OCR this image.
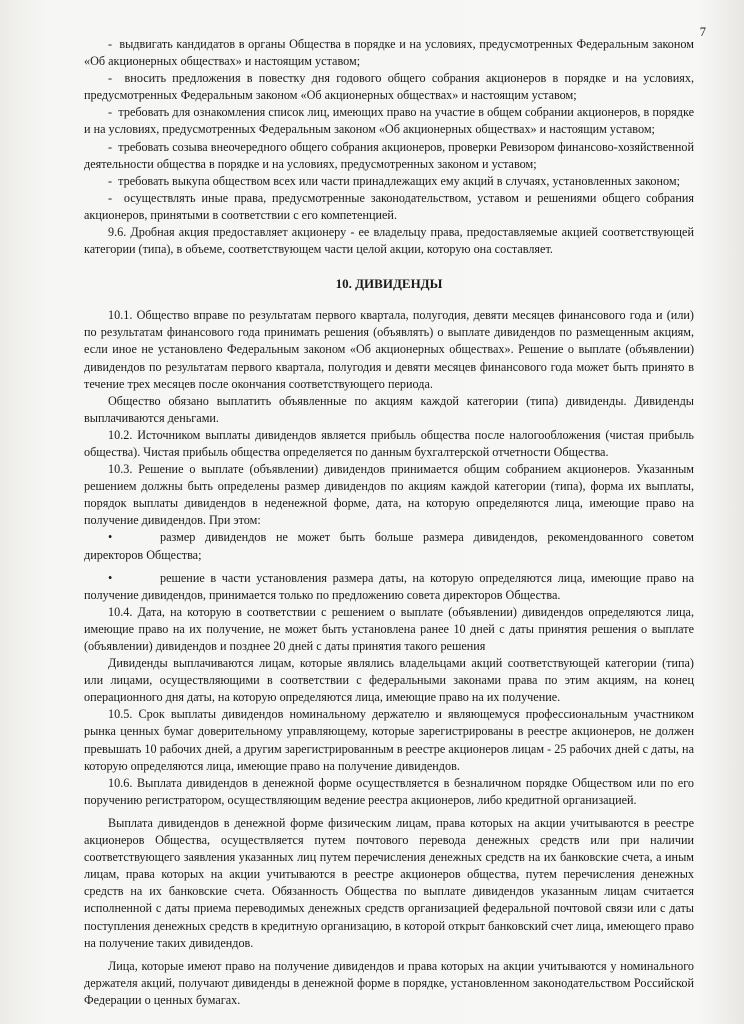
7

-  выдвигать кандидатов в органы Общества в порядке и на условиях, предусмотренных Федеральным законом «Об акционерных обществах» и настоящим уставом;

-  вносить предложения в повестку дня годового общего собрания акционеров в порядке и на условиях, предусмотренных Федеральным законом «Об акционерных обществах» и настоящим уставом;

-  требовать для ознакомления список лиц, имеющих право на участие в общем собрании акционеров, в порядке и на условиях, предусмотренных Федеральным законом «Об акционерных обществах» и настоящим уставом;

-  требовать созыва внеочередного общего собрания акционеров, проверки Ревизором финансово-хозяйственной деятельности общества в порядке и на условиях, предусмотренных законом и уставом;

-  требовать выкупа обществом всех или части принадлежащих ему акций в случаях, установленных законом;

-  осуществлять иные права, предусмотренные законодательством, уставом и решениями общего собрания акционеров, принятыми в соответствии с его компетенцией.

9.6. Дробная акция предоставляет акционеру - ее владельцу права, предоставляемые акцией соответствующей категории (типа), в объеме, соответствующем части целой акции, которую она составляет.

10. ДИВИДЕНДЫ

10.1. Общество вправе по результатам первого квартала, полугодия, девяти месяцев финансового года и (или) по результатам финансового года принимать решения (объявлять) о выплате дивидендов по размещенным акциям, если иное не установлено Федеральным законом «Об акционерных обществах». Решение о выплате (объявлении) дивидендов по результатам первого квартала, полугодия и девяти месяцев финансового года может быть принято в течение трех месяцев после окончания соответствующего периода.

Общество обязано выплатить объявленные по акциям каждой категории (типа) дивиденды. Дивиденды выплачиваются деньгами.

10.2. Источником выплаты дивидендов является прибыль общества после налогообложения (чистая прибыль общества). Чистая прибыль общества определяется по данным бухгалтерской отчетности Общества.

10.3. Решение о выплате (объявлении) дивидендов принимается общим собранием акционеров. Указанным решением должны быть определены размер дивидендов по акциям каждой категории (типа), форма их выплаты, порядок выплаты дивидендов в неденежной форме, дата, на которую определяются лица, имеющие право на получение дивидендов. При этом:

•	размер дивидендов не может быть больше размера дивидендов, рекомендованного советом директоров Общества;

•	решение в части установления размера даты, на которую определяются лица, имеющие право на получение дивидендов, принимается только по предложению совета директоров Общества.

10.4. Дата, на которую в соответствии с решением о выплате (объявлении) дивидендов определяются лица, имеющие право на их получение, не может быть установлена ранее 10 дней с даты принятия решения о выплате (объявлении) дивидендов и позднее 20 дней с даты принятия такого решения

Дивиденды выплачиваются лицам, которые являлись владельцами акций соответствующей категории (типа) или лицами, осуществляющими в соответствии с федеральными законами права по этим акциям, на конец операционного дня даты, на которую определяются лица, имеющие право на их получение.

10.5. Срок выплаты дивидендов номинальному держателю и являющемуся профессиональным участником рынка ценных бумаг доверительному управляющему, которые зарегистрированы в реестре акционеров, не должен превышать 10 рабочих дней, а другим зарегистрированным в реестре акционеров лицам - 25 рабочих дней с даты, на которую определяются лица, имеющие право на получение дивидендов.

10.6. Выплата дивидендов в денежной форме осуществляется в безналичном порядке Обществом или по его поручению регистратором, осуществляющим ведение реестра акционеров, либо кредитной организацией.

Выплата дивидендов в денежной форме физическим лицам, права которых на акции учитываются в реестре акционеров Общества, осуществляется путем почтового перевода денежных средств или при наличии соответствующего заявления указанных лиц путем перечисления денежных средств на их банковские счета, а иным лицам, права которых на акции учитываются в реестре акционеров общества, путем перечисления денежных средств на их банковские счета. Обязанность Общества по выплате дивидендов указанным лицам считается исполненной с даты приема переводимых денежных средств организацией федеральной почтовой связи или с даты поступления денежных средств в кредитную организацию, в которой открыт банковский счет лица, имеющего право на получение таких дивидендов.

Лица, которые имеют право на получение дивидендов и права которых на акции учитываются у номинального держателя акций, получают дивиденды в денежной форме в порядке, установленном законодательством Российской Федерации о ценных бумагах.
